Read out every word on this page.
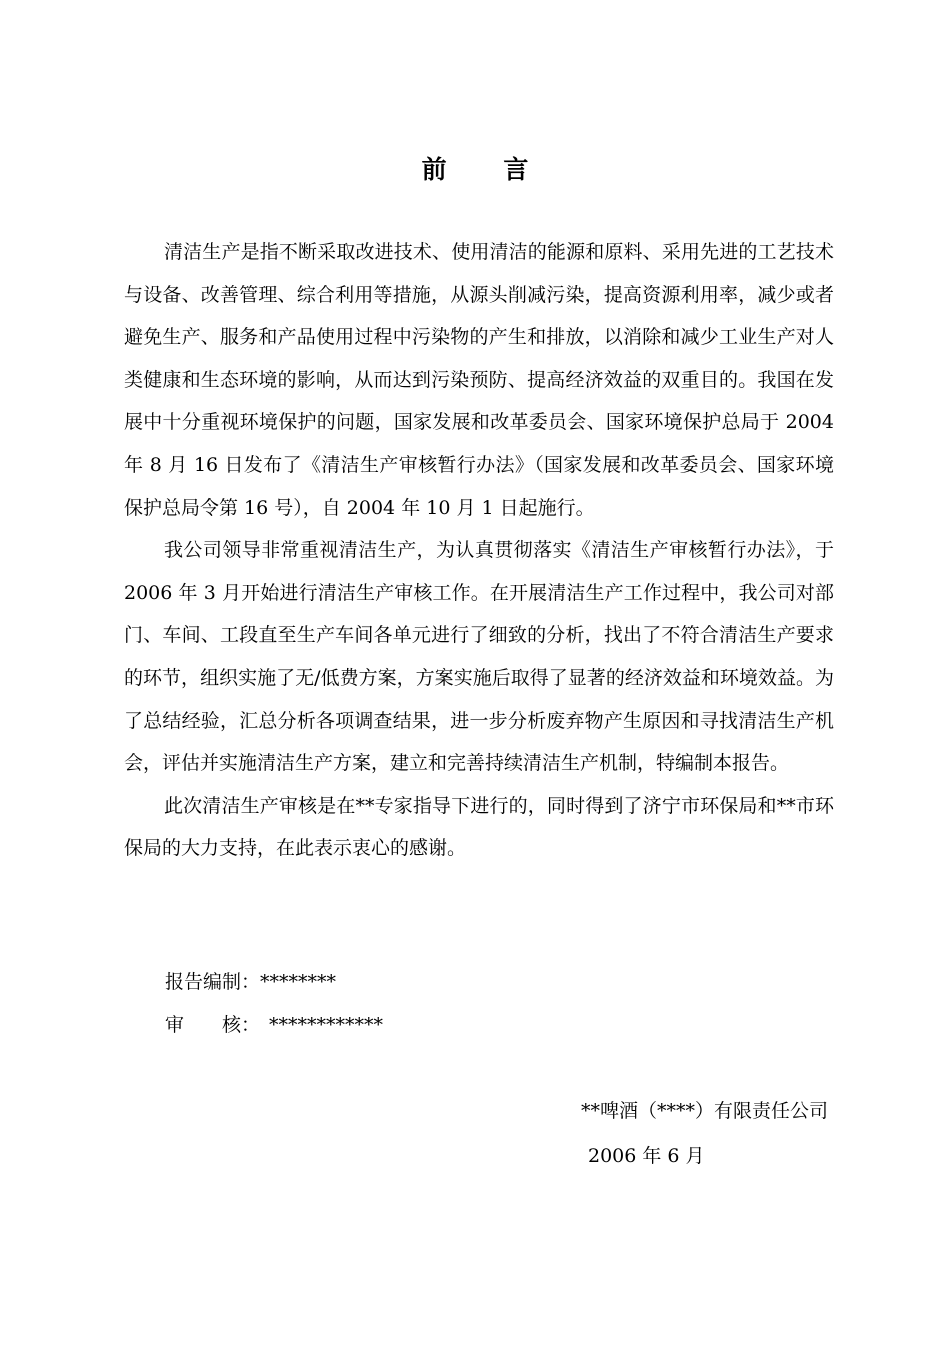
前 言

清洁生产是指不断采取改进技术、使用清洁的能源和原料、采用先进的工艺技术与设备、改善管理、综合利用等措施，从源头削减污染，提高资源利用率，减少或者避免生产、服务和产品使用过程中污染物的产生和排放，以消除和减少工业生产对人类健康和生态环境的影响，从而达到污染预防、提高经济效益的双重目的。我国在发展中十分重视环境保护的问题，国家发展和改革委员会、国家环境保护总局于 2004 年 8 月 16 日发布了《清洁生产审核暂行办法》（国家发展和改革委员会、国家环境保护总局令第 16 号），自 2004 年 10 月 1 日起施行。

我公司领导非常重视清洁生产，为认真贯彻落实《清洁生产审核暂行办法》，于 2006 年 3 月开始进行清洁生产审核工作。在开展清洁生产工作过程中，我公司对部门、车间、工段直至生产车间各单元进行了细致的分析，找出了不符合清洁生产要求的环节，组织实施了无/低费方案，方案实施后取得了显著的经济效益和环境效益。为了总结经验，汇总分析各项调查结果，进一步分析废弃物产生原因和寻找清洁生产机会，评估并实施清洁生产方案，建立和完善持续清洁生产机制，特编制本报告。

此次清洁生产审核是在**专家指导下进行的，同时得到了济宁市环保局和**市环保局的大力支持，在此表示衷心的感谢。

报告编制：********
审　　核： ************
**啤酒（****）有限责任公司
2006 年 6 月
